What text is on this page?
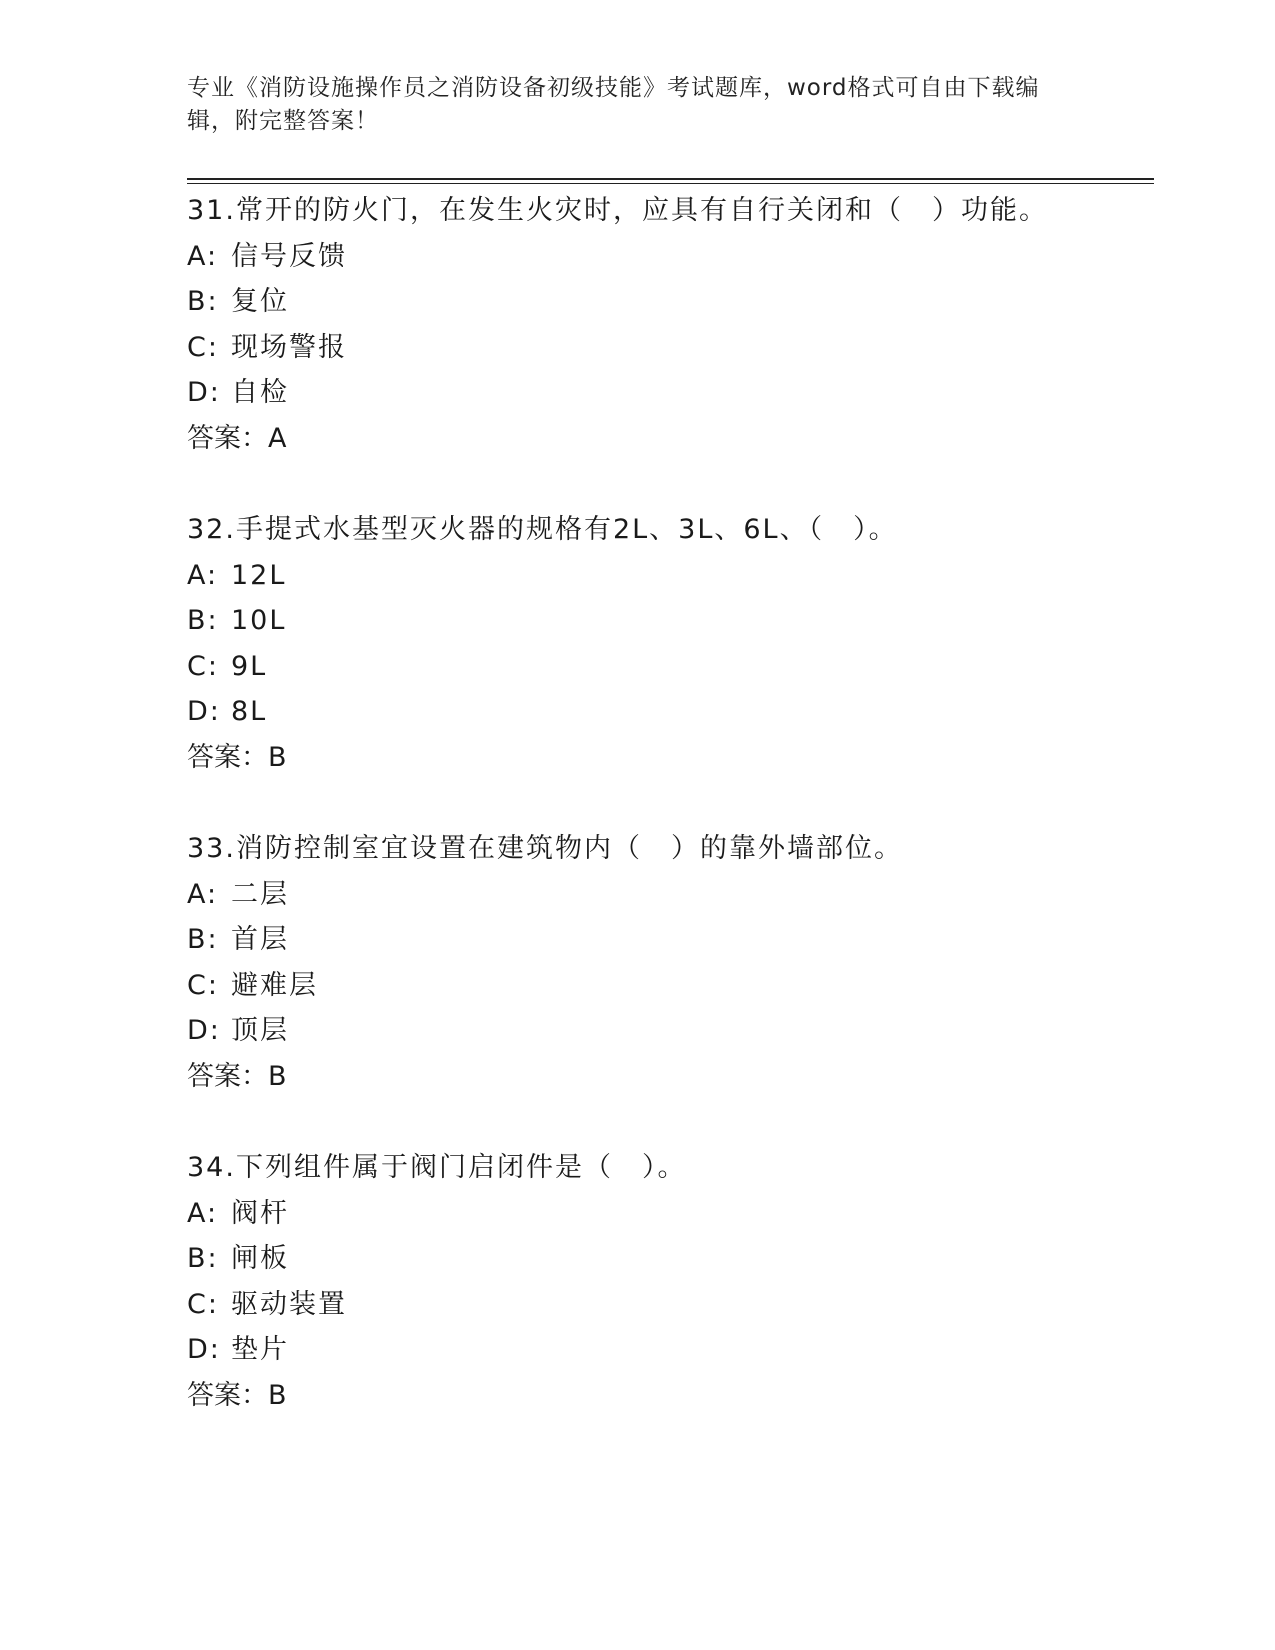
专业《消防设施操作员之消防设备初级技能》考试题库，word格式可自由下载编辑，附完整答案！
31.常开的防火门，在发生火灾时，应具有自行关闭和（　）功能。
A: 信号反馈
B: 复位
C: 现场警报
D: 自检
答案：A
32.手提式水基型灭火器的规格有2L、3L、6L、（　）。
A: 12L
B: 10L
C: 9L
D: 8L
答案：B
33.消防控制室宜设置在建筑物内（　）的靠外墙部位。
A: 二层
B: 首层
C: 避难层
D: 顶层
答案：B
34.下列组件属于阀门启闭件是（　）。
A: 阀杆
B: 闸板
C: 驱动装置
D: 垫片
答案：B
